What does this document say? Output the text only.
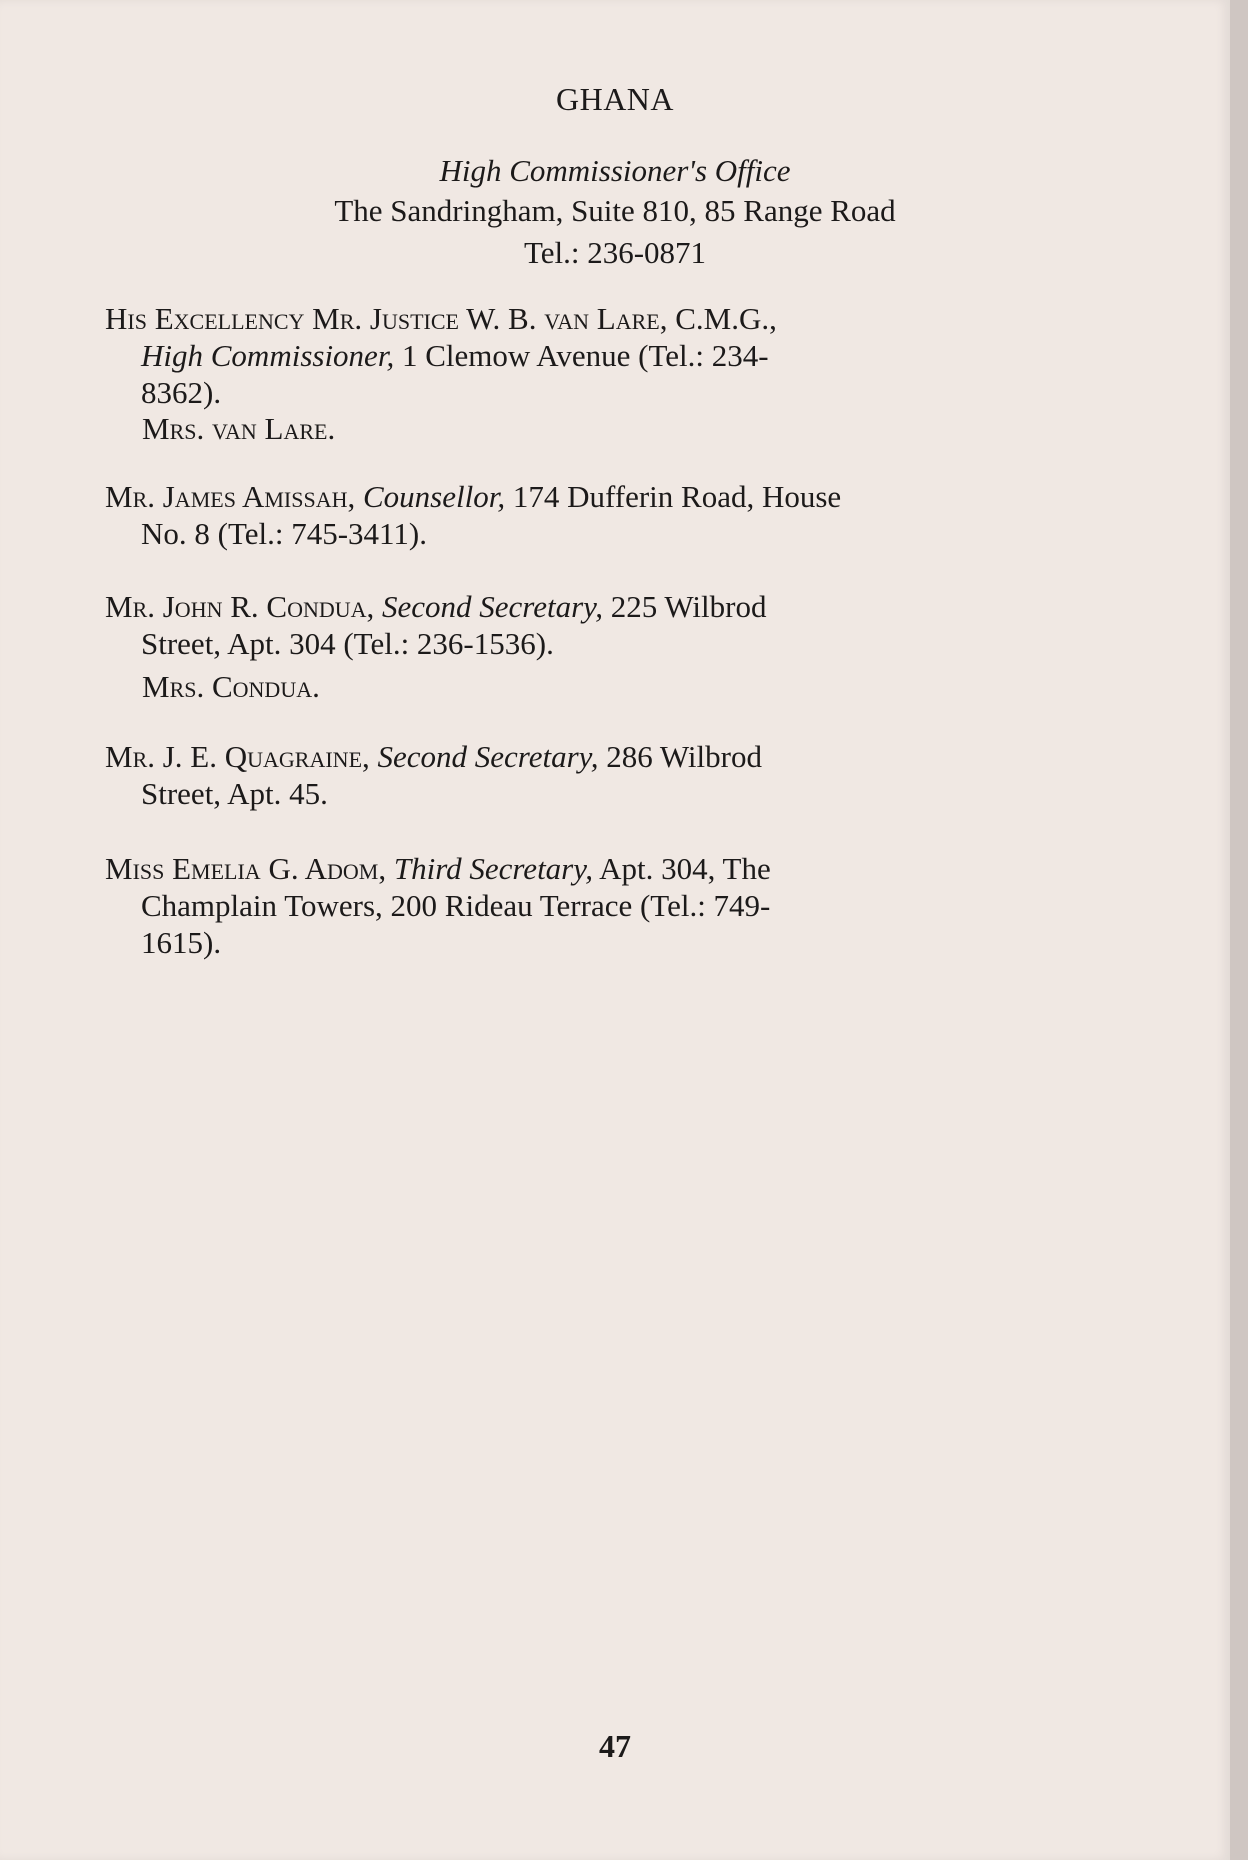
GHANA
High Commissioner's Office
The Sandringham, Suite 810, 85 Range Road
Tel.: 236-0871
His Excellency Mr. Justice W. B. van Lare, C.M.G.,
High Commissioner, 1 Clemow Avenue (Tel.: 234-
8362).
Mrs. van Lare.
Mr. James Amissah, Counsellor, 174 Dufferin Road, House
No. 8 (Tel.: 745-3411).
Mr. John R. Condua, Second Secretary, 225 Wilbrod
Street, Apt. 304 (Tel.: 236-1536).
Mrs. Condua.
Mr. J. E. Quagraine, Second Secretary, 286 Wilbrod
Street, Apt. 45.
Miss Emelia G. Adom, Third Secretary, Apt. 304, The
Champlain Towers, 200 Rideau Terrace (Tel.: 749-
1615).
47
